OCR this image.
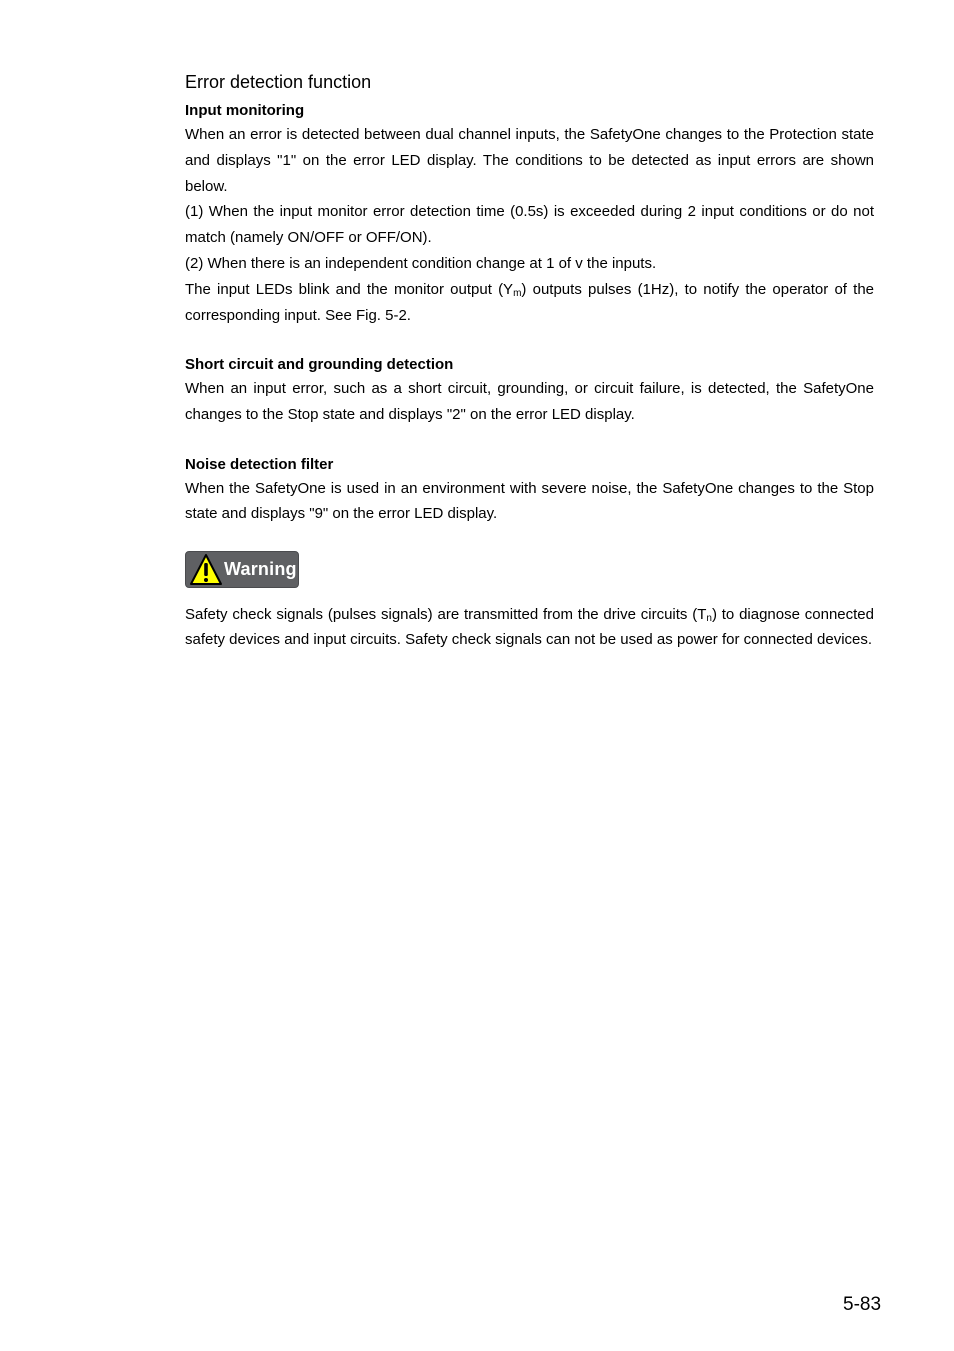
Error detection function

Input monitoring

When an error is detected between dual channel inputs, the SafetyOne changes to the Protection state and displays "1" on the error LED display. The conditions to be detected as input errors are shown below.

(1) When the input monitor error detection time (0.5s) is exceeded during 2 input conditions or do not match (namely ON/OFF or OFF/ON).

(2) When there is an independent condition change at 1 of v the inputs.

The input LEDs blink and the monitor output $(Y_m)$ outputs pulses (1Hz), to notify the operator of the corresponding input. See Fig. 5-2.

Short circuit and grounding detection

When an input error, such as a short circuit, grounding, or circuit failure, is detected, the SafetyOne changes to the Stop state and displays "2" on the error LED display.

Noise detection filter

When the SafetyOne is used in an environment with severe noise, the SafetyOne changes to the Stop state and displays "9" on the error LED display.

Warning

Safety check signals (pulses signals) are transmitted from the drive circuits $(T_n)$ to diagnose connected safety devices and input circuits. Safety check signals can not be used as power for connected devices.

5-83
